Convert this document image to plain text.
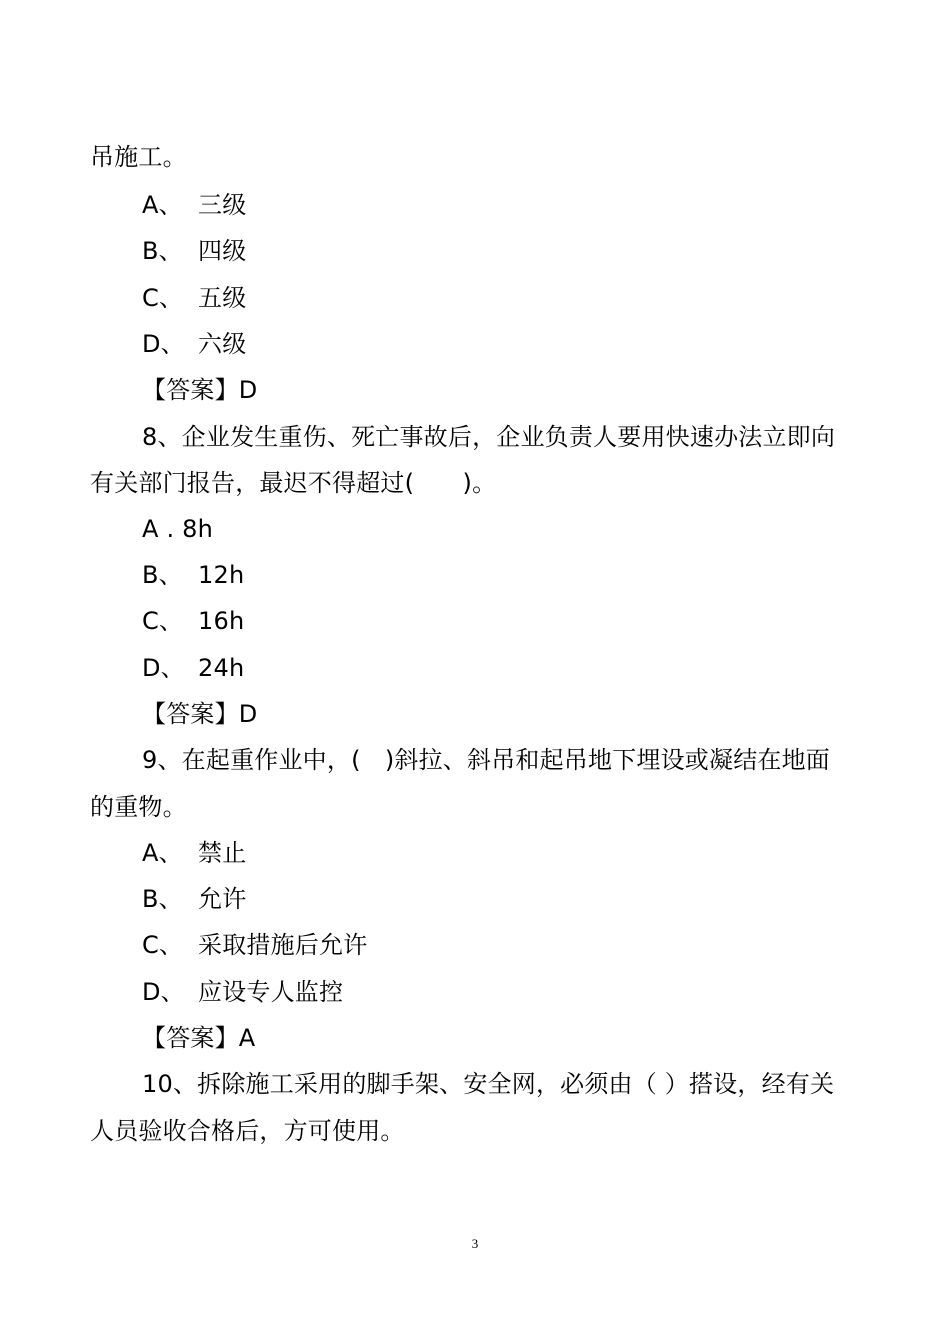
吊施工。
A、 三级
B、 四级
C、 五级
D、 六级
【答案】D
8、企业发生重伤、死亡事故后，企业负责人要用快速办法立即向
有关部门报告，最迟不得超过(　　)。
A . 8h
B、 12h
C、 16h
D、 24h
【答案】D
9、在起重作业中，(　)斜拉、斜吊和起吊地下埋设或凝结在地面
的重物。
A、 禁止
B、 允许
C、 采取措施后允许
D、 应设专人监控
【答案】A
10、拆除施工采用的脚手架、安全网，必须由（ ）搭设，经有关
人员验收合格后，方可使用。
3
